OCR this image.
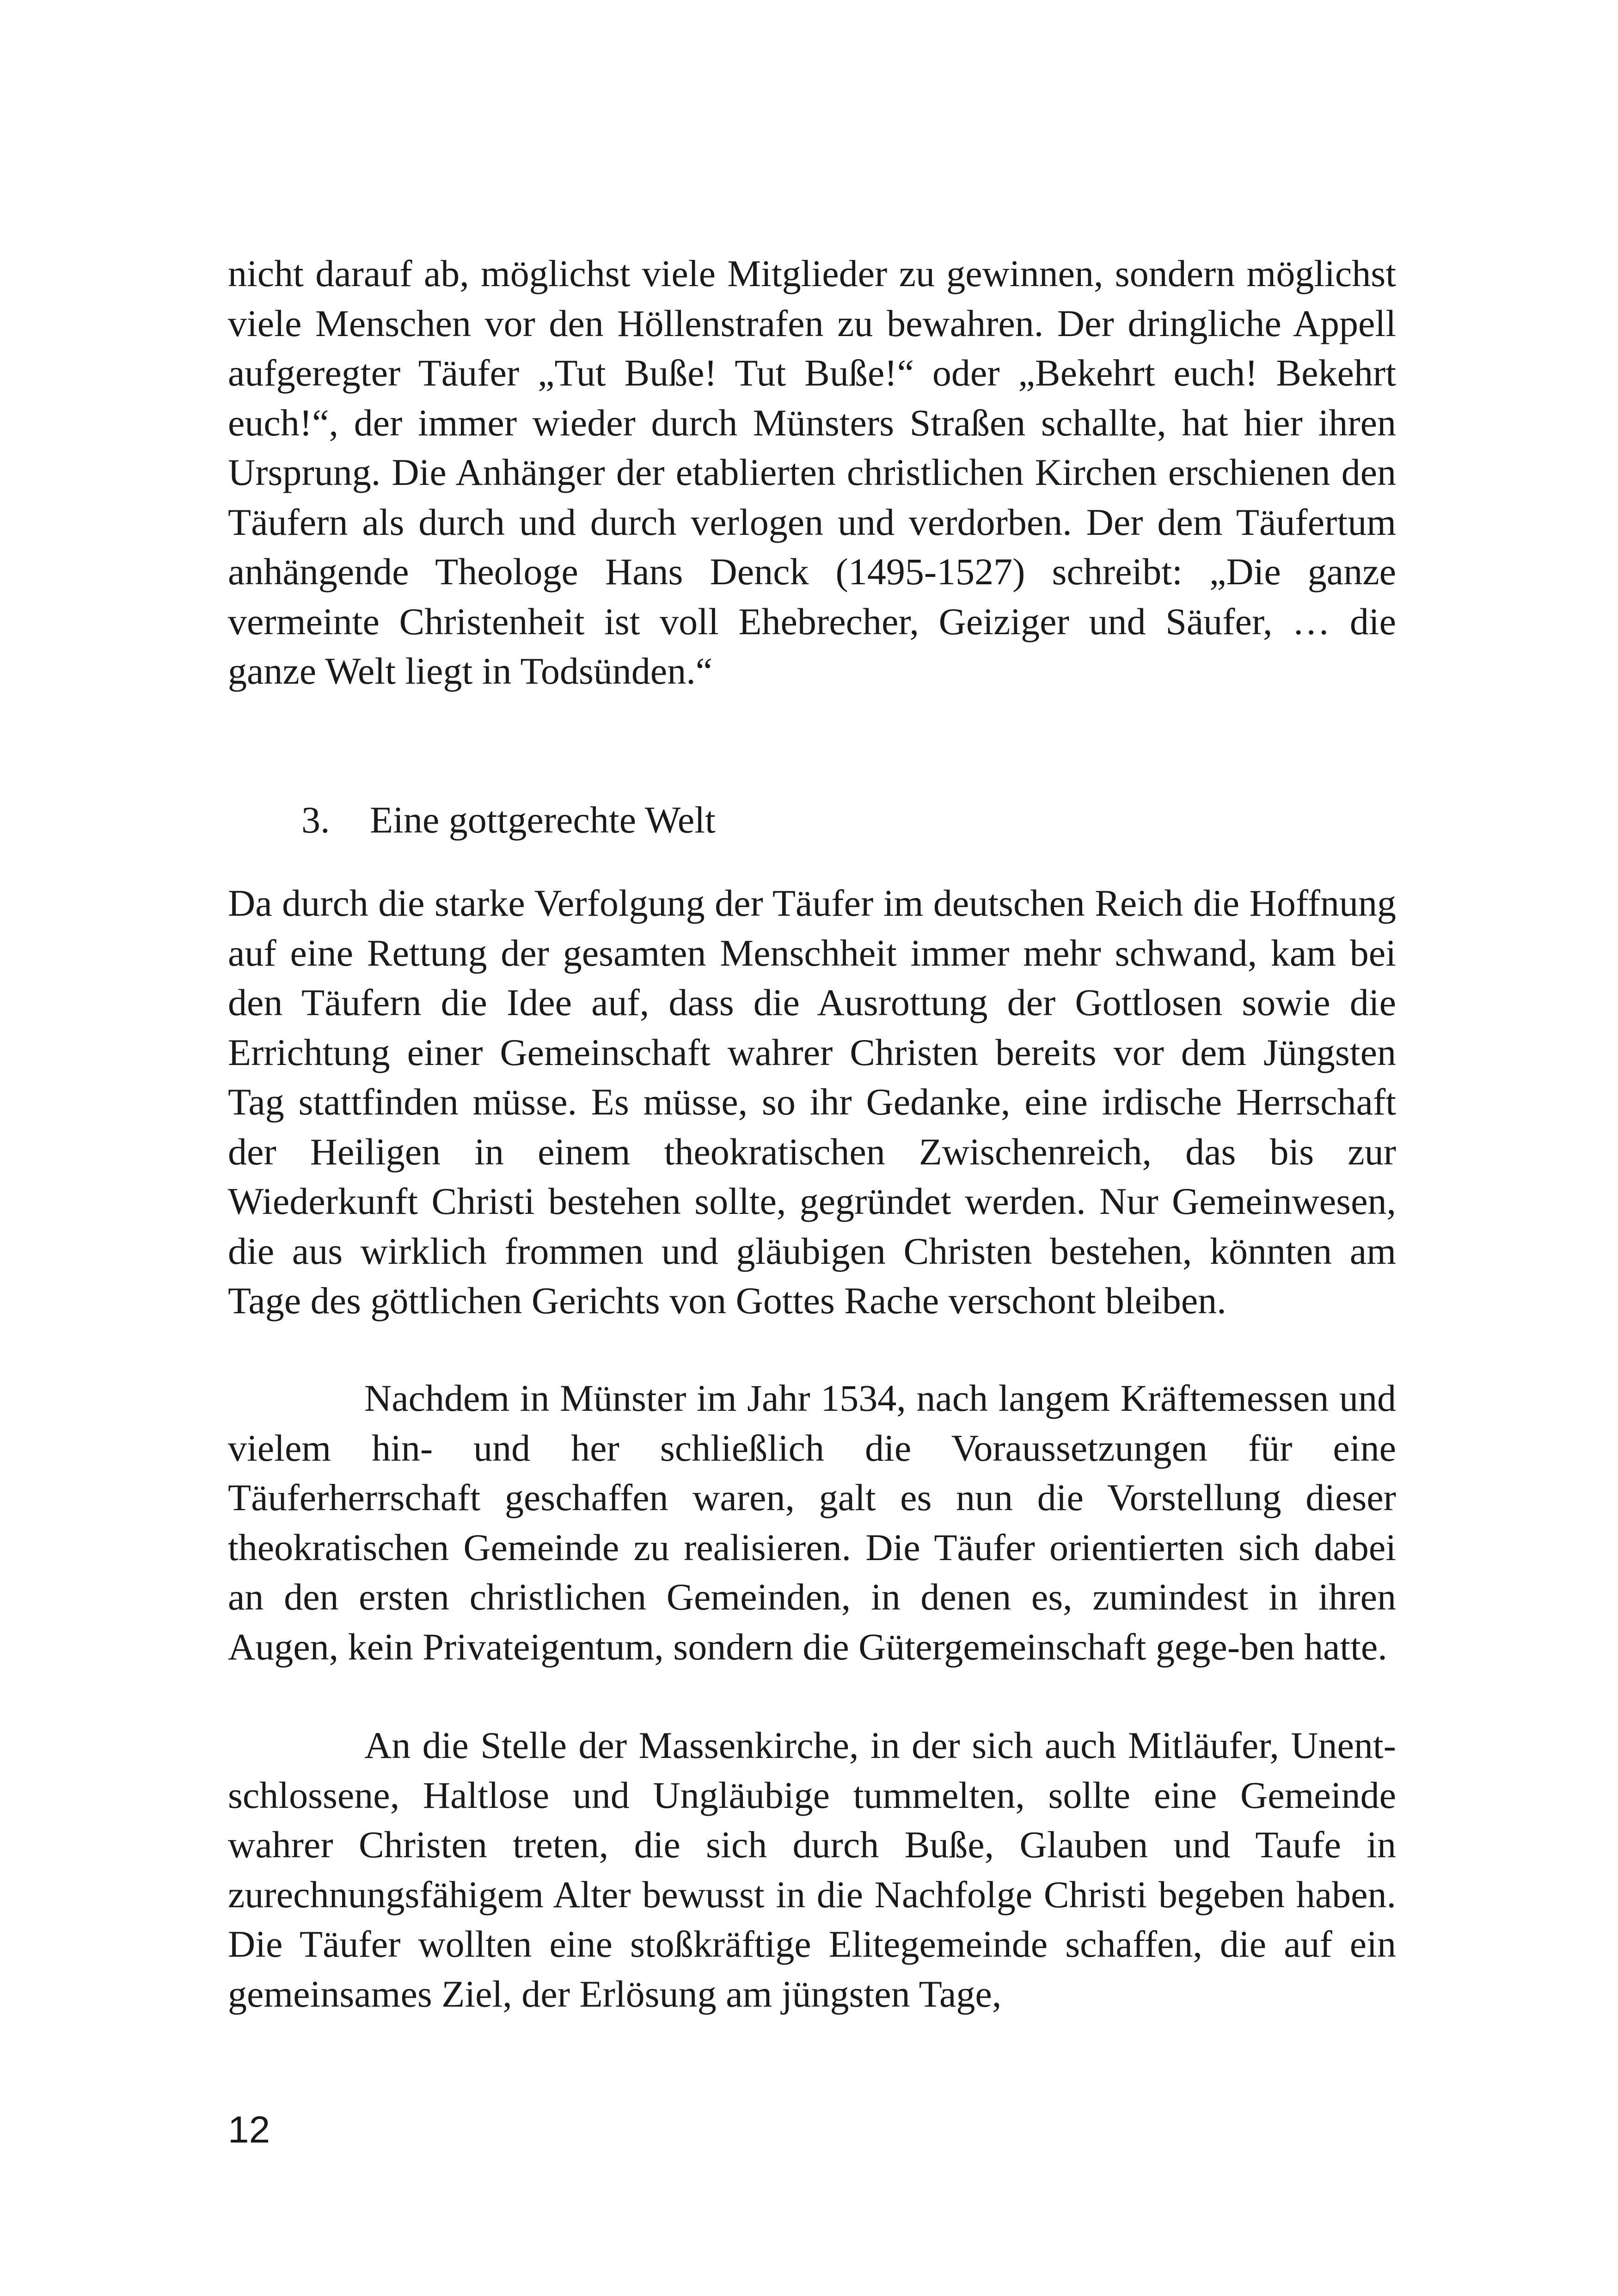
nicht darauf ab, möglichst viele Mitglieder zu gewinnen, sondern möglichst viele Menschen vor den Höllenstrafen zu bewahren. Der dringliche Appell aufgeregter Täufer „Tut Buße! Tut Buße!“ oder „Bekehrt euch! Bekehrt euch!“, der immer wieder durch Münsters Straßen schallte, hat hier ihren Ursprung. Die Anhänger der etablierten christlichen Kirchen erschienen den Täufern als durch und durch verlogen und verdorben. Der dem Täufertum anhängende Theologe Hans Denck (1495-1527) schreibt: „Die ganze vermeinte Christenheit ist voll Ehebrecher, Geiziger und Säufer, … die ganze Welt liegt in Todsünden.“

3. Eine gottgerechte Welt

Da durch die starke Verfolgung der Täufer im deutschen Reich die Hoffnung auf eine Rettung der gesamten Menschheit immer mehr schwand, kam bei den Täufern die Idee auf, dass die Ausrottung der Gottlosen sowie die Errichtung einer Gemeinschaft wahrer Christen bereits vor dem Jüngsten Tag stattfinden müsse. Es müsse, so ihr Gedanke, eine irdische Herrschaft der Heiligen in einem theokratischen Zwischenreich, das bis zur Wiederkunft Christi bestehen sollte, gegründet werden. Nur Gemeinwesen, die aus wirklich frommen und gläubigen Christen bestehen, könnten am Tage des göttlichen Gerichts von Gottes Rache verschont bleiben.

Nachdem in Münster im Jahr 1534, nach langem Kräftemessen und vielem hin- und her schließlich die Voraussetzungen für eine Täuferherrschaft geschaffen waren, galt es nun die Vorstellung dieser theokratischen Gemeinde zu realisieren. Die Täufer orientierten sich dabei an den ersten christlichen Gemeinden, in denen es, zumindest in ihren Augen, kein Privateigentum, sondern die Gütergemeinschaft gege-ben hatte.

An die Stelle der Massenkirche, in der sich auch Mitläufer, Unent-schlossene, Haltlose und Ungläubige tummelten, sollte eine Gemeinde wahrer Christen treten, die sich durch Buße, Glauben und Taufe in zurechnungsfähigem Alter bewusst in die Nachfolge Christi begeben haben. Die Täufer wollten eine stoßkräftige Elitegemeinde schaffen, die auf ein gemeinsames Ziel, der Erlösung am jüngsten Tage,

12
